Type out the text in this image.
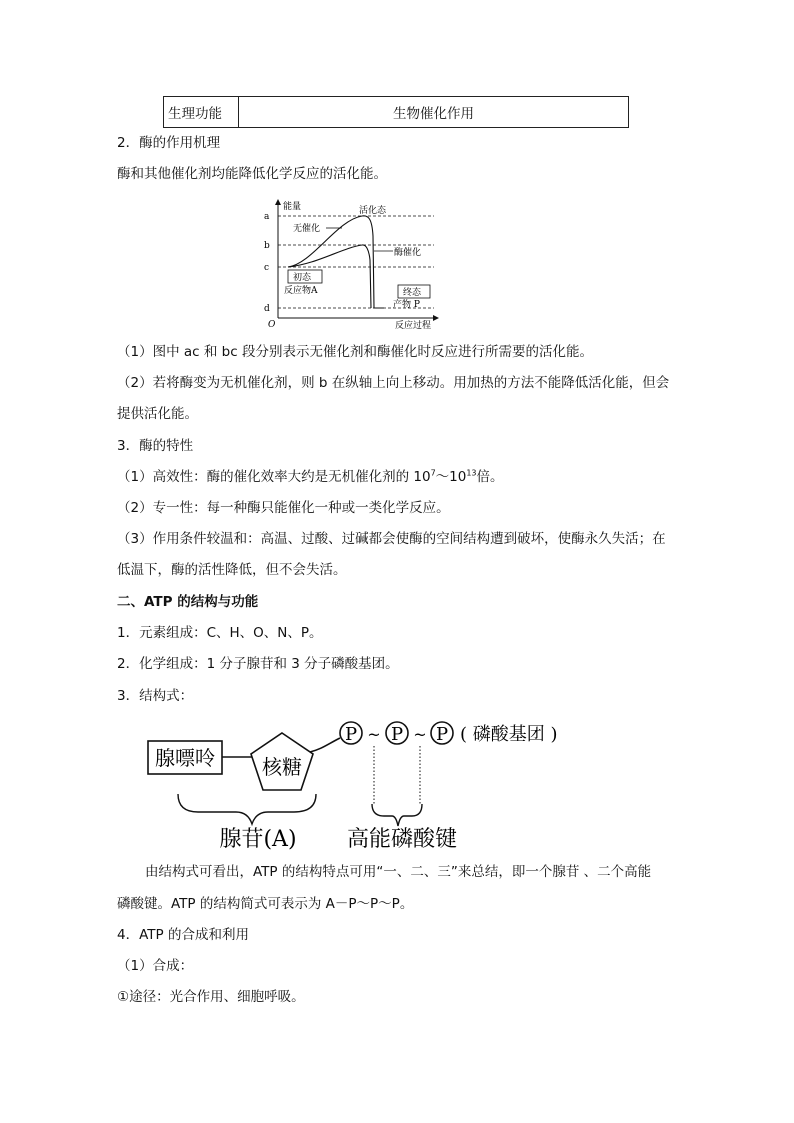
生理功能	生物催化作用
2．酶的作用机理
酶和其他催化剂均能降低化学反应的活化能。
a
b
c
d
O
能量
反应过程
活化态
无催化
酶催化
初态
反应物A	终态
产物 P
（1）图中 ac 和 bc 段分别表示无催化剂和酶催化时反应进行所需要的活化能。
（2）若将酶变为无机催化剂，则 b 在纵轴上向上移动。用加热的方法不能降低活化能，但会
提供活化能。
3．酶的特性
（1）高效性：酶的催化效率大约是无机催化剂的 $10^7\sim 10^{13}$倍。
（2）专一性：每一种酶只能催化一种或一类化学反应。
（3）作用条件较温和：高温、过酸、过碱都会使酶的空间结构遭到破坏，使酶永久失活；在
低温下，酶的活性降低，但不会失活。
二、ATP 的结构与功能
1．元素组成：C、H、O、N、P。
2．化学组成：1 分子腺苷和 3 分子磷酸基团。
3．结构式：
腺嘌呤 核糖
P ~ P ~ P ( 磷酸基团 )
腺苷(A) 高能磷酸键
由结构式可看出，ATP 的结构特点可用“一、二、三”来总结，即一个腺苷 、二个高能
磷酸键。ATP 的结构简式可表示为 A－P～P～P。
4．ATP 的合成和利用
（1）合成：
①途径：光合作用、细胞呼吸。
